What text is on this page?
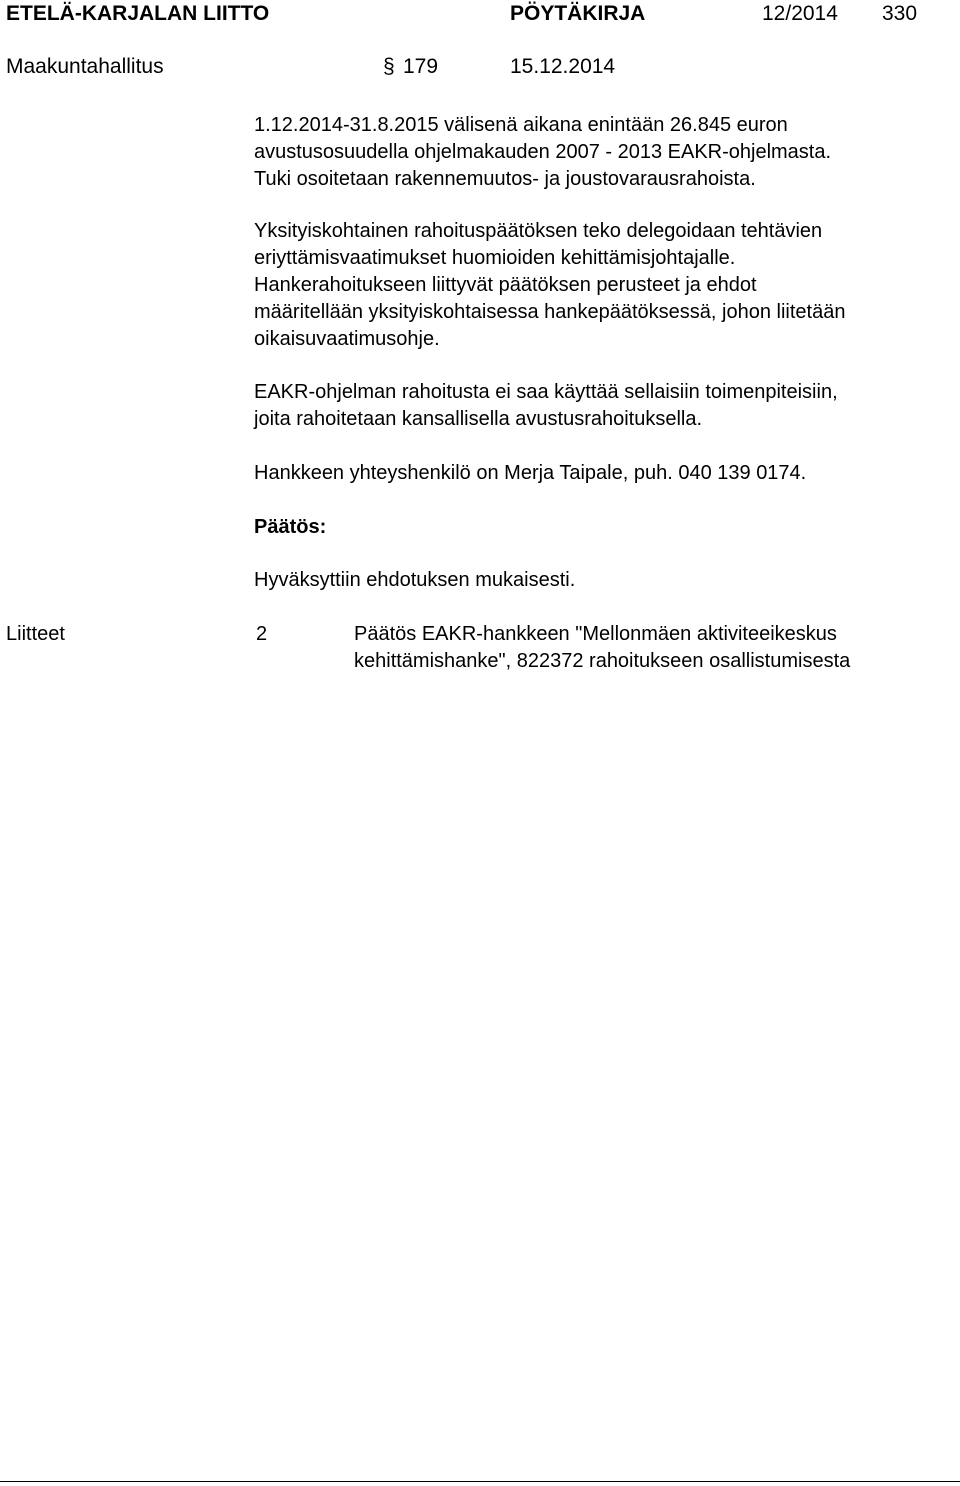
ETELÄ-KARJALAN LIITTO	PÖYTÄKIRJA	12/2014 330
Maakuntahallitus	§ 179	15.12.2014
1.12.2014-31.8.2015 välisenä aikana enintään 26.845 euron
avustusosuudella ohjelmakauden 2007 - 2013 EAKR-ohjelmasta.
Tuki osoitetaan rakennemuutos- ja joustovarausrahoista.
Yksityiskohtainen rahoituspäätöksen teko delegoidaan tehtävien
eriyttämisvaatimukset huomioiden kehittämisjohtajalle.
Hankerahoitukseen liittyvät päätöksen perusteet ja ehdot
määritellään yksityiskohtaisessa hankepäätöksessä, johon liitetään
oikaisuvaatimusohje.
EAKR-ohjelman rahoitusta ei saa käyttää sellaisiin toimenpiteisiin,
joita rahoitetaan kansallisella avustusrahoituksella.
Hankkeen yhteyshenkilö on Merja Taipale, puh. 040 139 0174.
Päätös:
Hyväksyttiin ehdotuksen mukaisesti.
Liitteet	2	Päätös EAKR-hankkeen "Mellonmäen aktiviteeikeskus
kehittämishanke", 822372 rahoitukseen osallistumisesta
